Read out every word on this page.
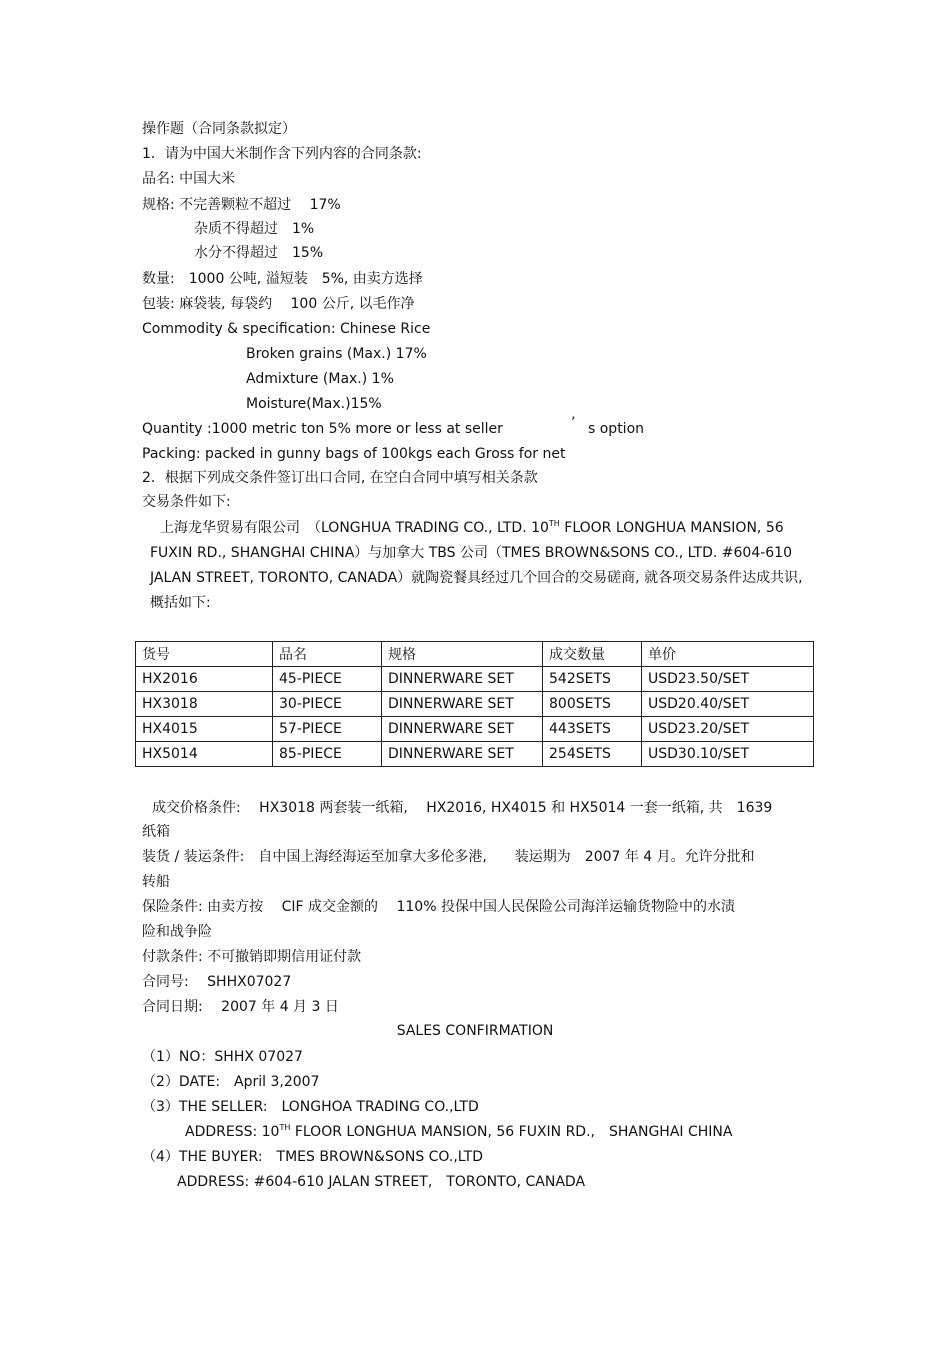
操作题（合同条款拟定）
1．请为中国大米制作含下列内容的合同条款:
品名: 中国大米
规格: 不完善颗粒不超过　 17%
杂质不得超过　1%
水分不得超过　15%
数量:　1000 公吨, 溢短装　5%, 由卖方选择
包装: 麻袋装, 每袋约　 100 公斤, 以毛作净
Commodity & specification: Chinese Rice
Broken grains (Max.) 17%
Admixture (Max.) 1%
Moisture(Max.)15%
Quantity :1000 metric ton 5% more or less at seller	’ s option
Packing: packed in gunny bags of 100kgs each Gross for net
2．根据下列成交条件签订出口合同, 在空白合同中填写相关条款
交易条件如下:
上海龙华贸易有限公司　（LONGHUA TRADING CO., LTD. 10TH FLOOR LONGHUA MANSION, 56 FUXIN RD., SHANGHAI CHINA）与加拿大 TBS 公司（TMES BROWN&SONS CO., LTD. #604-610 JALAN STREET, TORONTO, CANADA）就陶瓷餐具经过几个回合的交易磋商, 就各项交易条件达成共识, 概括如下:
货号	品名	规格	成交数量	单价
HX2016	45-PIECE	DINNERWARE SET	542SETS	USD23.50/SET
HX3018	30-PIECE	DINNERWARE SET	800SETS	USD20.40/SET
HX4015	57-PIECE	DINNERWARE SET	443SETS	USD23.20/SET
HX5014	85-PIECE	DINNERWARE SET	254SETS	USD30.10/SET
成交价格条件:　 HX3018 两套装一纸箱,　 HX2016, HX4015 和 HX5014 一套一纸箱, 共　1639
纸箱
装货 / 装运条件:　自中国上海经海运至加拿大多伦多港,　　装运期为　2007 年 4 月。允许分批和
转船
保险条件: 由卖方按　 CIF 成交金额的　 110% 投保中国人民保险公司海洋运输货物险中的水渍
险和战争险
付款条件: 不可撤销即期信用证付款
合同号:　 SHHX07027
合同日期:　 2007 年 4 月 3 日
SALES CONFIRMATION
（1）NO：SHHX 07027
（2）DATE:　April 3,2007
（3）THE SELLER:　LONGHOA TRADING CO.,LTD
ADDRESS: 10TH FLOOR LONGHUA MANSION, 56 FUXIN RD.,　SHANGHAI CHINA
（4）THE BUYER:　TMES BROWN&SONS CO.,LTD
ADDRESS: #604-610 JALAN STREET,　TORONTO, CANADA
